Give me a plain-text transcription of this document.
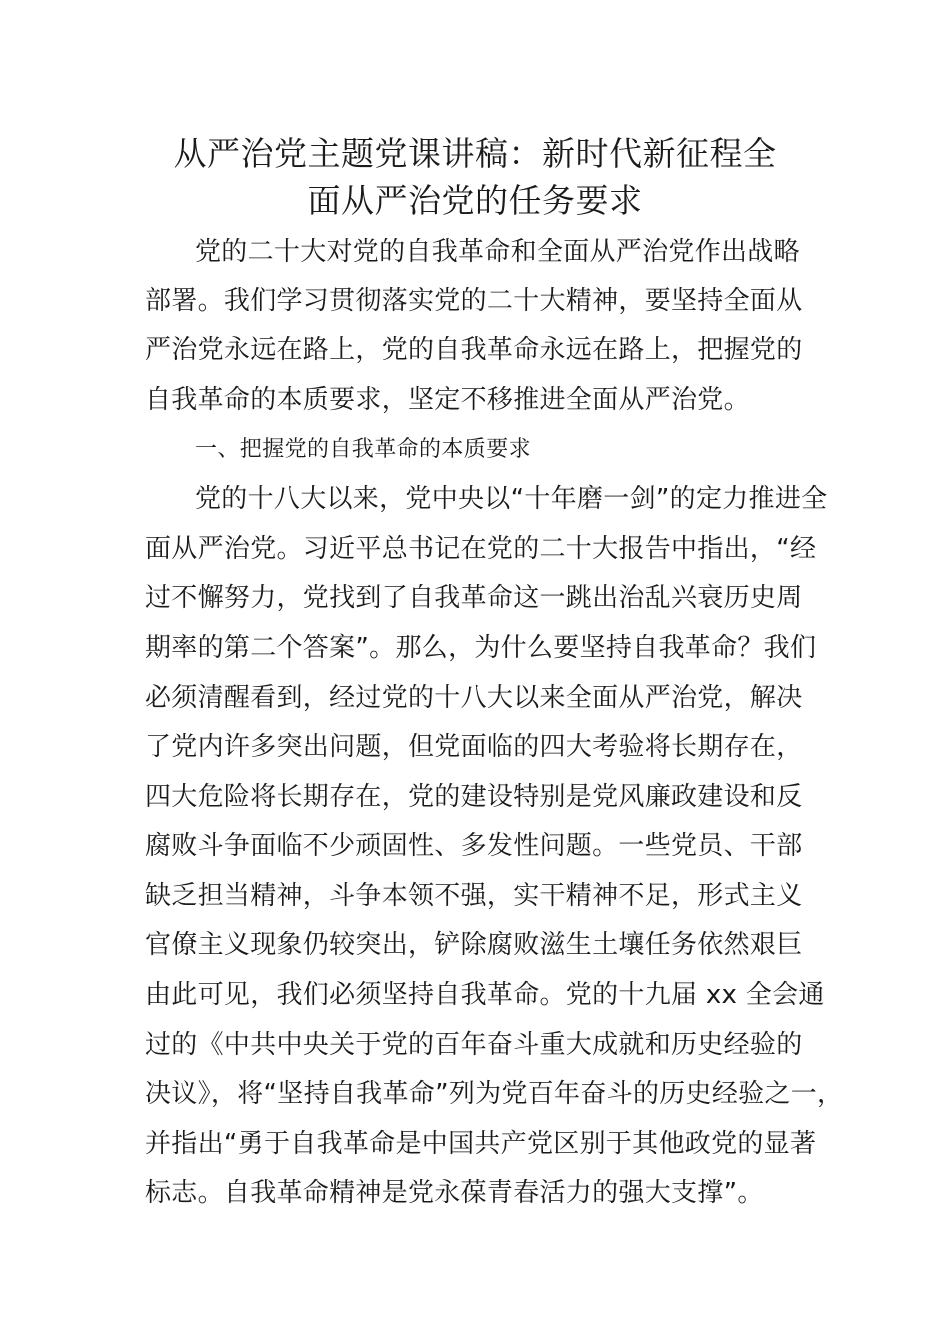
从严治党主题党课讲稿：新时代新征程全
面从严治党的任务要求
党的二十大对党的自我革命和全面从严治党作出战略
部署。我们学习贯彻落实党的二十大精神，要坚持全面从
严治党永远在路上，党的自我革命永远在路上，把握党的
自我革命的本质要求，坚定不移推进全面从严治党。
一、把握党的自我革命的本质要求
党的十八大以来，党中央以“十年磨一剑”的定力推进全
面从严治党。习近平总书记在党的二十大报告中指出，“经
过不懈努力，党找到了自我革命这一跳出治乱兴衰历史周
期率的第二个答案”。那么，为什么要坚持自我革命？我们
必须清醒看到，经过党的十八大以来全面从严治党，解决
了党内许多突出问题，但党面临的四大考验将长期存在，
四大危险将长期存在，党的建设特别是党风廉政建设和反
腐败斗争面临不少顽固性、多发性问题。一些党员、干部
缺乏担当精神，斗争本领不强，实干精神不足，形式主义
官僚主义现象仍较突出，铲除腐败滋生土壤任务依然艰巨
由此可见，我们必须坚持自我革命。党的十九届 xx 全会通
过的《中共中央关于党的百年奋斗重大成就和历史经验的
决议》，将“坚持自我革命”列为党百年奋斗的历史经验之一，
并指出“勇于自我革命是中国共产党区别于其他政党的显著
标志。自我革命精神是党永葆青春活力的强大支撑”。
